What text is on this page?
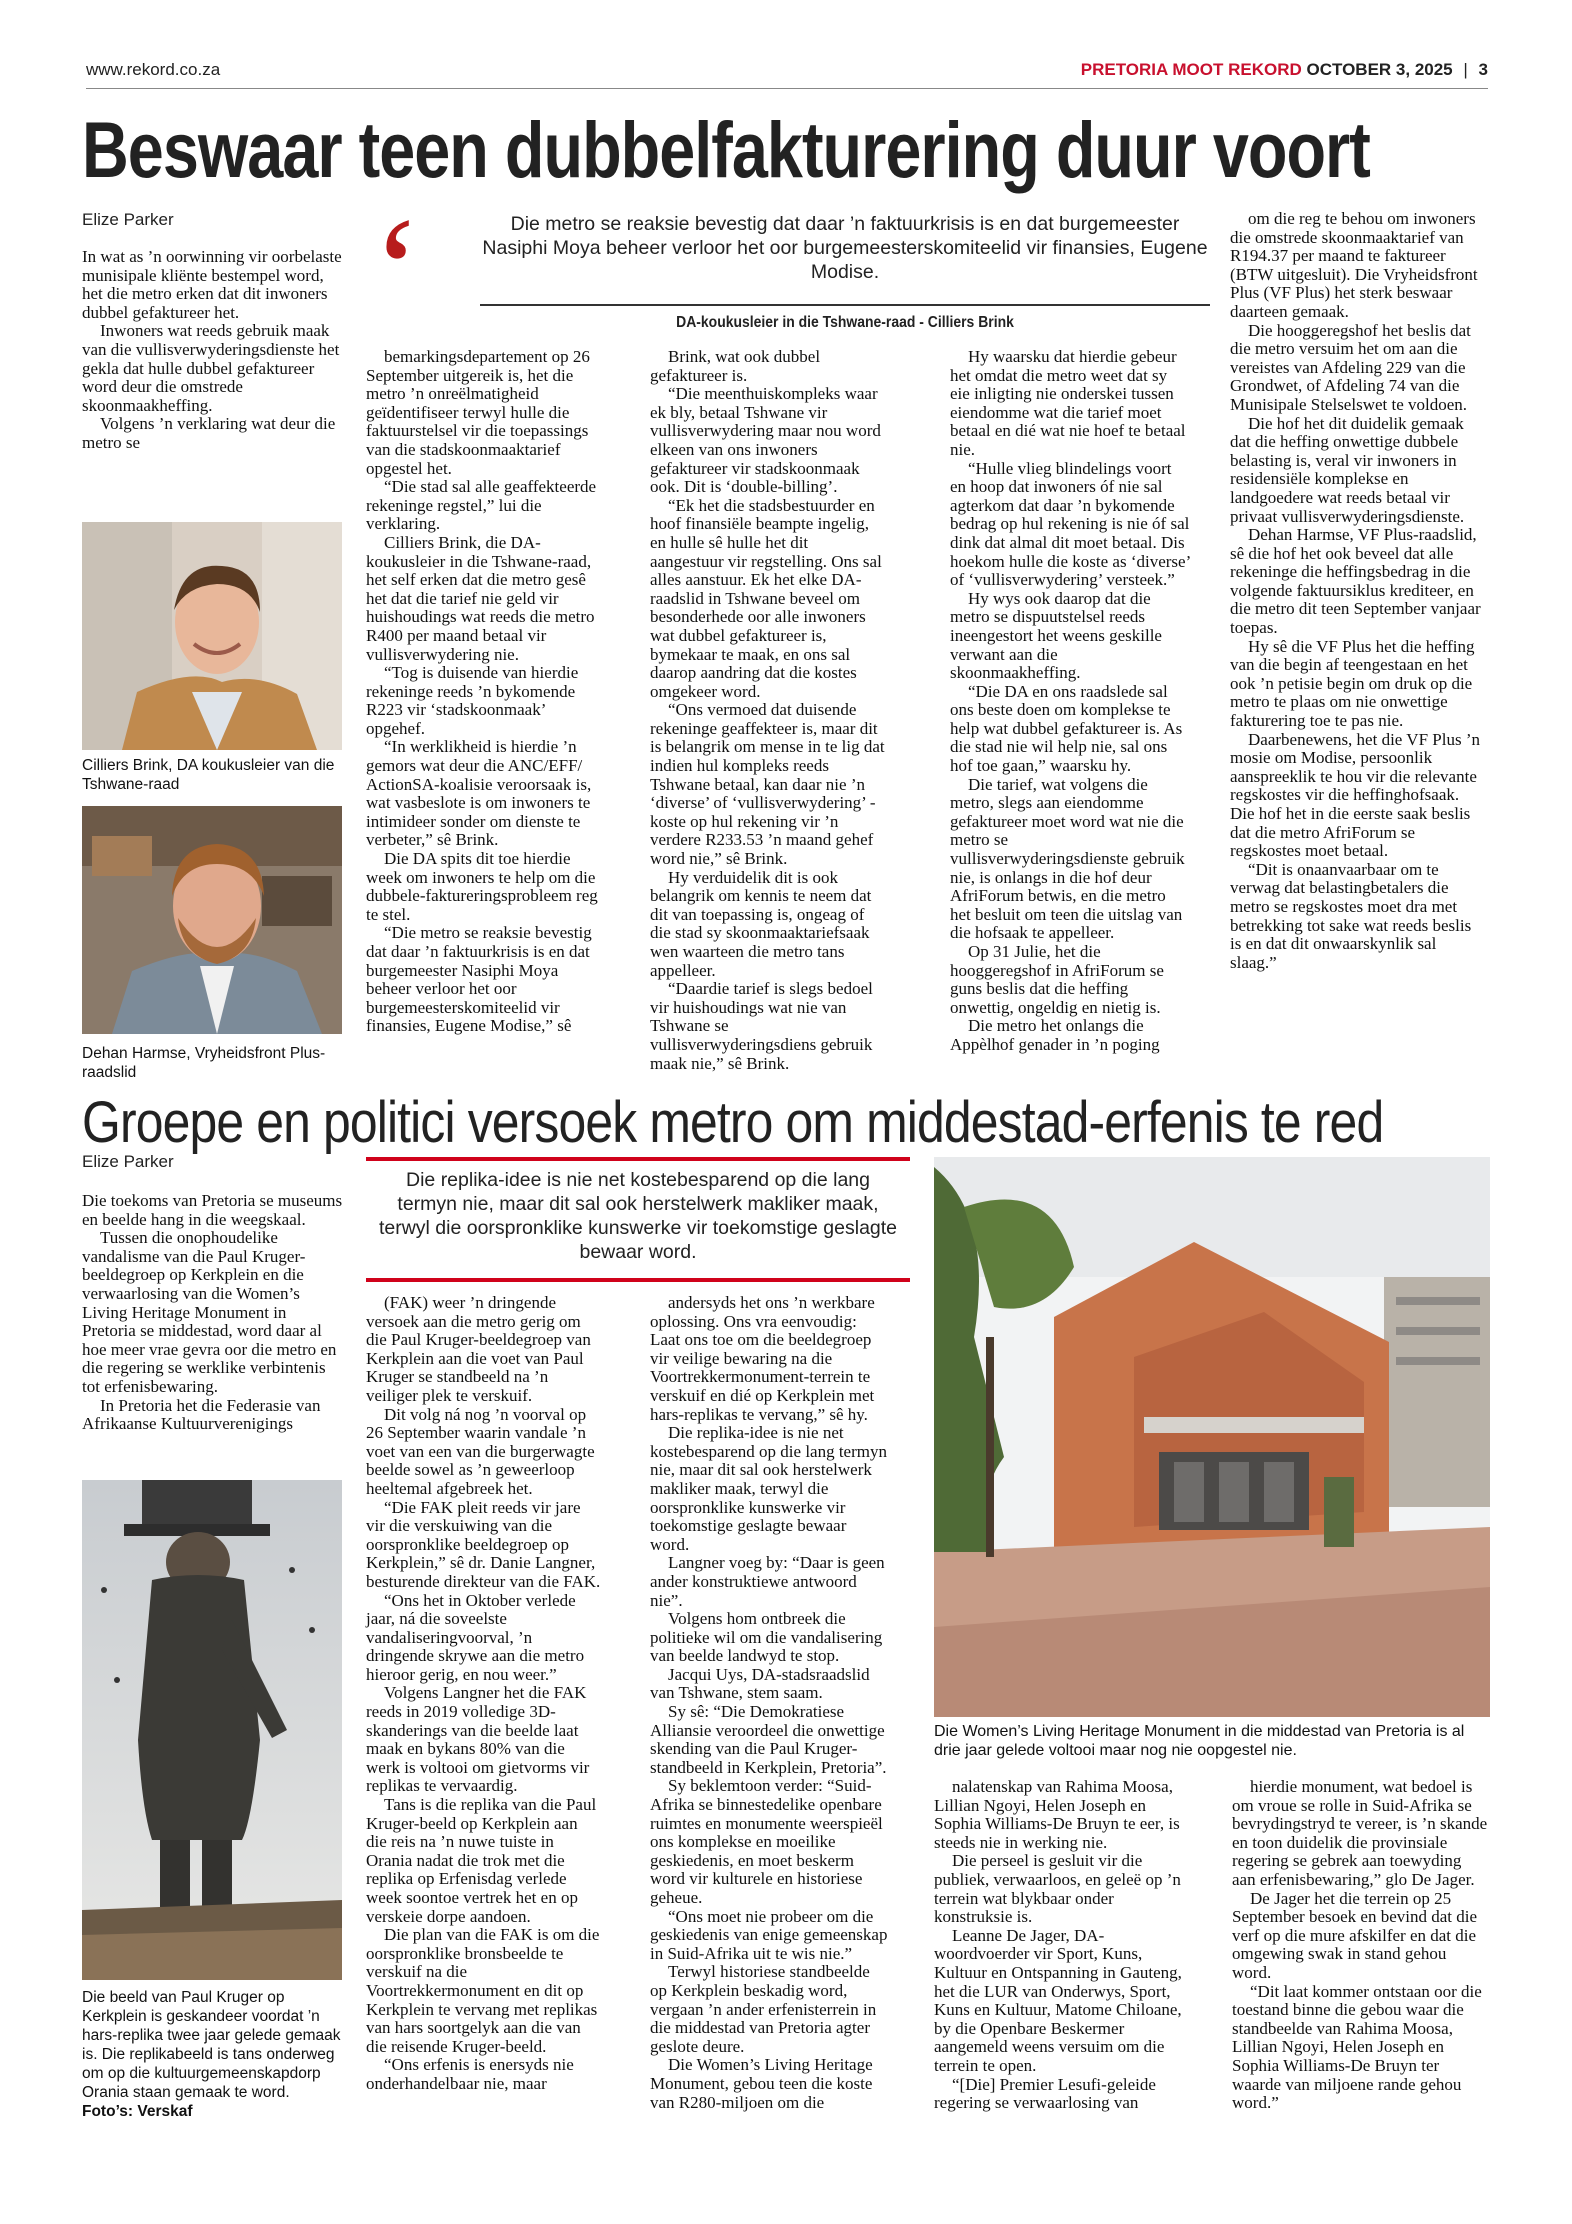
www.rekord.co.za	PRETORIA MOOT REKORD OCTOBER 3, 2025 | 3
Beswaar teen dubbelfakturering duur voort
Elize Parker ‘	Die metro se reaksie bevestig dat daar ’n faktuurkrisis is en dat burgemeester Nasiphi Moya beheer verloor het oor burgemeesterskomiteelid vir finansies, Eugene Modise.
DA-koukusleier in die Tshwane-raad - Cilliers Brink

In wat as ’n oorwinning vir oorbelaste munisipale kliënte bestempel word, het die metro erken dat dit inwoners dubbel gefaktureer het.

Inwoners wat reeds gebruik maak van die vullisverwyderingsdienste het gekla dat hulle dubbel gefaktureer word deur die omstrede skoonmaakheffing.

Volgens ’n verklaring wat deur die metro se

Cilliers Brink, DA koukusleier van die Tshwane-raad
Dehan Harmse, Vryheidsfront Plus-raadslid

bemarkingsdepartement op 26 September uitgereik is, het die metro ’n onreëlmatigheid geïdentifiseer terwyl hulle die faktuurstelsel vir die toepassings van die stadskoonmaaktarief opgestel het.

“Die stad sal alle geaffekteerde rekeninge regstel,” lui die verklaring.

Cilliers Brink, die DA-koukusleier in die Tshwane-raad, het self erken dat die metro gesê het dat die tarief nie geld vir huishoudings wat reeds die metro R400 per maand betaal vir vullisverwydering nie.

“Tog is duisende van hierdie rekeninge reeds ’n bykomende R223 vir ‘stadskoonmaak’ opgehef.

“In werklikheid is hierdie ’n gemors wat deur die ANC/EFF/ ActionSA-koalisie veroorsaak is, wat vasbeslote is om inwoners te intimideer sonder om dienste te verbeter,” sê Brink.

Die DA spits dit toe hierdie week om inwoners te help om die dubbele-faktureringsprobleem reg te stel.

“Die metro se reaksie bevestig dat daar ’n faktuurkrisis is en dat burgemeester Nasiphi Moya beheer verloor het oor burgemeesterskomiteelid vir finansies, Eugene Modise,” sê

Brink, wat ook dubbel gefaktureer is.

“Die meenthuiskompleks waar ek bly, betaal Tshwane vir vullisverwydering maar nou word elkeen van ons inwoners gefaktureer vir stadskoonmaak ook. Dit is ‘double-billing’.

“Ek het die stadsbestuurder en hoof finansiële beampte ingelig, en hulle sê hulle het dit aangestuur vir regstelling. Ons sal alles aanstuur. Ek het elke DA-raadslid in Tshwane beveel om besonderhede oor alle inwoners wat dubbel gefaktureer is, bymekaar te maak, en ons sal daarop aandring dat die kostes omgekeer word.

“Ons vermoed dat duisende rekeninge geaffekteer is, maar dit is belangrik om mense in te lig dat indien hul kompleks reeds Tshwane betaal, kan daar nie ’n ‘diverse’ of ‘vullisverwydering’ -koste op hul rekening vir ’n verdere R233.53 ’n maand gehef word nie,” sê Brink.

Hy verduidelik dit is ook belangrik om kennis te neem dat dit van toepassing is, ongeag of die stad sy skoonmaaktariefsaak wen waarteen die metro tans appelleer.

“Daardie tarief is slegs bedoel vir huishoudings wat nie van Tshwane se vullisverwyderingsdiens gebruik maak nie,” sê Brink.

Hy waarsku dat hierdie gebeur het omdat die metro weet dat sy eie inligting nie onderskei tussen eiendomme wat die tarief moet betaal en dié wat nie hoef te betaal nie.

“Hulle vlieg blindelings voort en hoop dat inwoners óf nie sal agterkom dat daar ’n bykomende bedrag op hul rekening is nie óf sal dink dat almal dit moet betaal. Dis hoekom hulle die koste as ‘diverse’ of ‘vullisverwydering’ versteek.”

Hy wys ook daarop dat die metro se dispuutstelsel reeds ineengestort het weens geskille verwant aan die skoonmaakheffing.

“Die DA en ons raadslede sal ons beste doen om komplekse te help wat dubbel gefaktureer is. As die stad nie wil help nie, sal ons hof toe gaan,” waarsku hy.

Die tarief, wat volgens die metro, slegs aan eiendomme gefaktureer moet word wat nie die metro se vullisverwyderingsdienste gebruik nie, is onlangs in die hof deur AfriForum betwis, en die metro het besluit om teen die uitslag van die hofsaak te appelleer.

Op 31 Julie, het die hooggeregshof in AfriForum se guns beslis dat die heffing onwettig, ongeldig en nietig is.

Die metro het onlangs die Appèlhof genader in ’n poging

om die reg te behou om inwoners die omstrede skoonmaaktarief van R194.37 per maand te faktureer (BTW uitgesluit). Die Vryheidsfront Plus (VF Plus) het sterk beswaar daarteen gemaak.

Die hooggeregshof het beslis dat die metro versuim het om aan die vereistes van Afdeling 229 van die Grondwet, of Afdeling 74 van die Munisipale Stelselswet te voldoen.

Die hof het dit duidelik gemaak dat die heffing onwettige dubbele belasting is, veral vir inwoners in residensiële komplekse en landgoedere wat reeds betaal vir privaat vullisverwyderingsdienste.

Dehan Harmse, VF Plus-raadslid, sê die hof het ook beveel dat alle rekeninge die heffingsbedrag in die volgende faktuursiklus krediteer, en die metro dit teen September vanjaar toepas.

Hy sê die VF Plus het die heffing van die begin af teengestaan en het ook ’n petisie begin om druk op die metro te plaas om nie onwettige fakturering toe te pas nie.

Daarbenewens, het die VF Plus ’n mosie om Modise, persoonlik aanspreeklik te hou vir die relevante regskostes vir die heffinghofsaak. Die hof het in die eerste saak beslis dat die metro AfriForum se regskostes moet betaal.

“Dit is onaanvaarbaar om te verwag dat belastingbetalers die metro se regskostes moet dra met betrekking tot sake wat reeds beslis is en dat dit onwaarskynlik sal slaag.”

Groepe en politici versoek metro om middestad-erfenis te red
Elize Parker
Die replika-idee is nie net kostebesparend op die lang termyn nie, maar dit sal ook herstelwerk makliker maak, terwyl die oorspronklike kunswerke vir toekomstige geslagte bewaar word.

Die toekoms van Pretoria se museums en beelde hang in die weegskaal.

Tussen die onophoudelike vandalisme van die Paul Kruger-beeldegroep op Kerkplein en die verwaarlosing van die Women’s Living Heritage Monument in Pretoria se middestad, word daar al hoe meer vrae gevra oor die metro en die regering se werklike verbintenis tot erfenisbewaring.

In Pretoria het die Federasie van Afrikaanse Kultuurverenigings

Die beeld van Paul Kruger op Kerkplein is geskandeer voordat ’n hars-replika twee jaar gelede gemaak is. Die replikabeeld is tans onderweg om op die kultuurgemeenskapdorp Orania staan gemaak te word.
Foto’s: Verskaf

(FAK) weer ’n dringende versoek aan die metro gerig om die Paul Kruger-beeldegroep van Kerkplein aan die voet van Paul Kruger se standbeeld na ’n veiliger plek te verskuif.

Dit volg ná nog ’n voorval op 26 September waarin vandale ’n voet van een van die burgerwagte beelde sowel as ’n geweerloop heeltemal afgebreek het.

“Die FAK pleit reeds vir jare vir die verskuiwing van die oorspronklike beeldegroep op Kerkplein,” sê dr. Danie Langner, besturende direkteur van die FAK.

“Ons het in Oktober verlede jaar, ná die soveelste vandaliseringvoorval, ’n dringende skrywe aan die metro hieroor gerig, en nou weer.”

Volgens Langner het die FAK reeds in 2019 volledige 3D-skanderings van die beelde laat maak en bykans 80% van die werk is voltooi om gietvorms vir replikas te vervaardig.

Tans is die replika van die Paul Kruger-beeld op Kerkplein aan die reis na ’n nuwe tuiste in Orania nadat die trok met die replika op Erfenisdag verlede week soontoe vertrek het en op verskeie dorpe aandoen.

Die plan van die FAK is om die oorspronklike bronsbeelde te verskuif na die Voortrekkermonument en dit op Kerkplein te vervang met replikas van hars soortgelyk aan die van die reisende Kruger-beeld.

“Ons erfenis is enersyds nie onderhandelbaar nie, maar

andersyds het ons ’n werkbare oplossing. Ons vra eenvoudig: Laat ons toe om die beeldegroep vir veilige bewaring na die Voortrekkermonument-terrein te verskuif en dié op Kerkplein met hars-replikas te vervang,” sê hy.

Die replika-idee is nie net kostebesparend op die lang termyn nie, maar dit sal ook herstelwerk makliker maak, terwyl die oorspronklike kunswerke vir toekomstige geslagte bewaar word.

Langner voeg by: “Daar is geen ander konstruktiewe antwoord nie”.

Volgens hom ontbreek die politieke wil om die vandalisering van beelde landwyd te stop.

Jacqui Uys, DA-stadsraadslid van Tshwane, stem saam.

Sy sê: “Die Demokratiese Alliansie veroordeel die onwettige skending van die Paul Kruger-standbeeld in Kerkplein, Pretoria”.

Sy beklemtoon verder: “Suid-Afrika se binnestedelike openbare ruimtes en monumente weerspieël ons komplekse en moeilike geskiedenis, en moet beskerm word vir kulturele en historiese geheue.

“Ons moet nie probeer om die geskiedenis van enige gemeenskap in Suid-Afrika uit te wis nie.”

Terwyl historiese standbeelde op Kerkplein beskadig word, vergaan ’n ander erfenisterrein in die middestad van Pretoria agter geslote deure.

Die Women’s Living Heritage Monument, gebou teen die koste van R280-miljoen om die

Die Women’s Living Heritage Monument in die middestad van Pretoria is al drie jaar gelede voltooi maar nog nie oopgestel nie.

nalatenskap van Rahima Moosa, Lillian Ngoyi, Helen Joseph en Sophia Williams-De Bruyn te eer, is steeds nie in werking nie.

Die perseel is gesluit vir die publiek, verwaarloos, en geleë op ’n terrein wat blykbaar onder konstruksie is.

Leanne De Jager, DA-woordvoerder vir Sport, Kuns, Kultuur en Ontspanning in Gauteng, het die LUR van Onderwys, Sport, Kuns en Kultuur, Matome Chiloane, by die Openbare Beskermer aangemeld weens versuim om die terrein te open.

“[Die] Premier Lesufi-geleide regering se verwaarlosing van

hierdie monument, wat bedoel is om vroue se rolle in Suid-Afrika se bevrydingstryd te vereer, is ’n skande en toon duidelik die provinsiale regering se gebrek aan toewyding aan erfenisbewaring,” glo De Jager.

De Jager het die terrein op 25 September besoek en bevind dat die verf op die mure afskilfer en dat die omgewing swak in stand gehou word.

“Dit laat kommer ontstaan oor die toestand binne die gebou waar die standbeelde van Rahima Moosa, Lillian Ngoyi, Helen Joseph en Sophia Williams-De Bruyn ter waarde van miljoene rande gehou word.”
